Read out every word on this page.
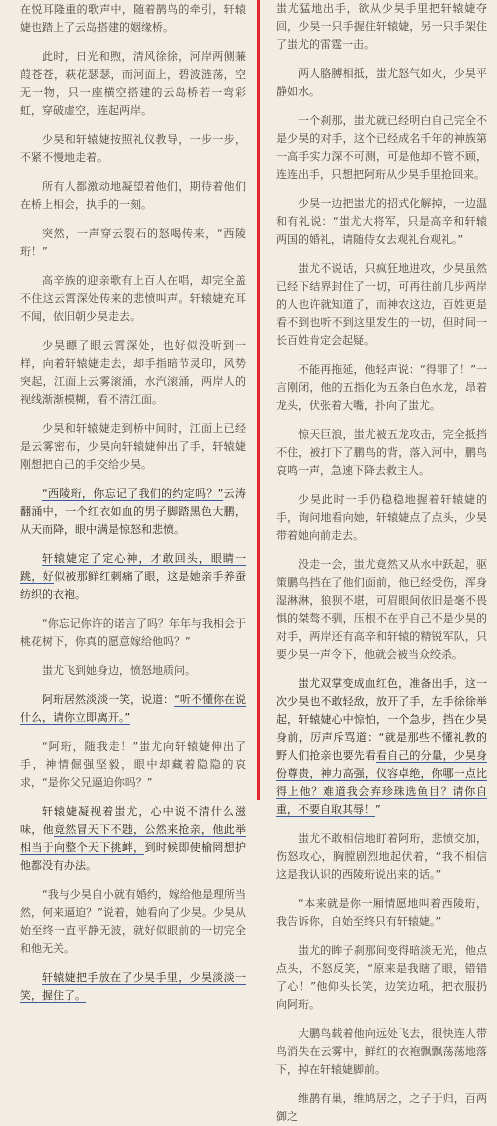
在悦耳隆重的歌声中，随着鹊鸟的牵引，轩辕婕也踏上了云岛搭建的姻缘桥。

此时，日光和煦，清风徐徐，河岸两侧蒹葭苍苍，萩花瑟瑟，而河面上，碧波涟荡，空无一物，只一座横空搭建的云岛桥若一弯彩虹，穿破虚空，连起两岸。

少昊和轩辕婕按照礼仪教导，一步一步，不紧不慢地走着。

所有人都激动地凝望着他们，期待着他们在桥上相会，执手的一刻。

突然，一声穿云裂石的怒喝传来，“西陵珩！”

高辛族的迎亲歌有上百人在唱，却完全盖不住这云霄深处传来的悲愤叫声。轩辕婕充耳不闻，依旧朝少昊走去。

少昊瞟了眼云霄深处，也好似没听到一样，向着轩辕婕走去，却手指暗节灵印，风势突起，江面上云雾滚涌，水汽滚涌，两岸人的视线渐渐模糊，看不清江面。

少昊和轩辕婕走到桥中间时，江面上已经是云雾密布，少昊向轩辕婕伸出了手，轩辕婕刚想把自己的手交给少昊。

“西陵珩，你忘记了我们的约定吗？”云涛翻涌中，一个红衣如血的男子脚踏黑色大鹏，从天而降，眼中满是惊怒和悲愤。

轩辕婕定了定心神，才敢回头，眼睛一跳，好似被那鲜红刺痛了眼，这是她亲手养蚕纺织的衣袍。

“你忘记你许的诺言了吗？年年与我相会于桃花树下，你真的愿意嫁给他吗？”

蚩尤飞到她身边，愤怒地质问。

阿珩居然淡淡一笑，说道：“听不懂你在说什么，请你立即离开。”

“阿珩，随我走！”蚩尤向轩辕婕伸出了手，神情倔强坚毅，眼中却藏着隐隐的哀求，“是你父兄逼迫你吗？”

轩辕婕凝视着蚩尤，心中说不清什么滋味，他竟然冒天下不韪，公然来抢亲，他此举相当于向整个天下挑衅，到时候即使榆罔想护他都没有办法。

“我与少昊自小就有婚约，嫁给他是理所当然，何来逼迫？”说着，她看向了少昊。少昊从始至终一直平静无波，就好似眼前的一切完全和他无关。

轩辕婕把手放在了少昊手里，少昊淡淡一笑，握住了。

蚩尤猛地出手，欲从少昊手里把轩辕婕夺回，少昊一只手握住轩辕婕，另一只手架住了蚩尤的雷霆一击。

两人胳膊相抵，蚩尤怒气如火，少昊平静如水。

一个刹那，蚩尤就已经明白自己完全不是少昊的对手，这个已经成名千年的神族第一高手实力深不可测，可是他却不管不顾，连连出手，只想把阿珩从少昊手里抢回来。

少昊一边把蚩尤的招式化解掉，一边温和有礼说：“蚩尤大将军，只是高辛和轩辕两国的婚礼，请随侍女去观礼台观礼。”

蚩尤不说话，只疯狂地进攻，少昊虽然已经下结界封住了一切，可再往前几步两岸的人也许就知道了，而神农这边，百姓更是看不到也听不到这里发生的一切，但时间一长百姓肯定会起疑。

不能再拖延，他轻声说：“得罪了！”一言刚闭，他的五指化为五条白色水龙，昂着龙头，伏张着大嘴，扑向了蚩尤。

惊天巨浪，蚩尤被五龙攻击，完全抵挡不住，被打下了鹏鸟的背，落入河中，鹏鸟哀鸣一声，急速下降去救主人。

少昊此时一手仍稳稳地握着轩辕婕的手，询问地看向她，轩辕婕点了点头，少昊带着她向前走去。

没走一会，蚩尤竟然又从水中跃起，驱策鹏鸟挡在了他们面前，他已经受伤，浑身湿淋淋，狼狈不堪，可眉眼间依旧是毫不畏惧的桀骜不驯，压根不在乎自己不是少昊的对手，两岸还有高辛和轩辕的精锐军队，只要少昊一声令下，他就会被当众绞杀。

蚩尤双掌变成血红色，准备出手，这一次少昊也不敢轻敌，放开了手，左手徐徐举起，轩辕婕心中惊怕，一个急步，挡在少昊身前，厉声斥骂道：“就是那些不懂礼教的野人们抢亲也要先看看自己的分量，少昊身份尊贵，神力高强，仪容卓绝，你哪一点比得上他？难道我会弃珍珠选鱼目？请你自重，不要自取其辱！”

蚩尤不敢相信地盯着阿珩，悲愤交加，伤怒攻心，胸膛剧烈地起伏着，“我不相信这是我认识的西陵珩说出来的话。”

“本来就是你一厢情愿地叫着西陵珩，我告诉你，自始至终只有轩辕婕。”

蚩尤的眸子刹那间变得暗淡无光，他点点头，不怒反笑，“原来是我瞎了眼，错错了心！”他仰头长笑，边笑边吼，把衣服扔向阿珩。

大鹏鸟载着他向远处飞去，很快连人带鸟消失在云雾中，鲜红的衣袍飘飘荡荡地落下，掉在轩辕婕脚前。

维鹊有巢，维鸠居之，之子于归，百两御之
